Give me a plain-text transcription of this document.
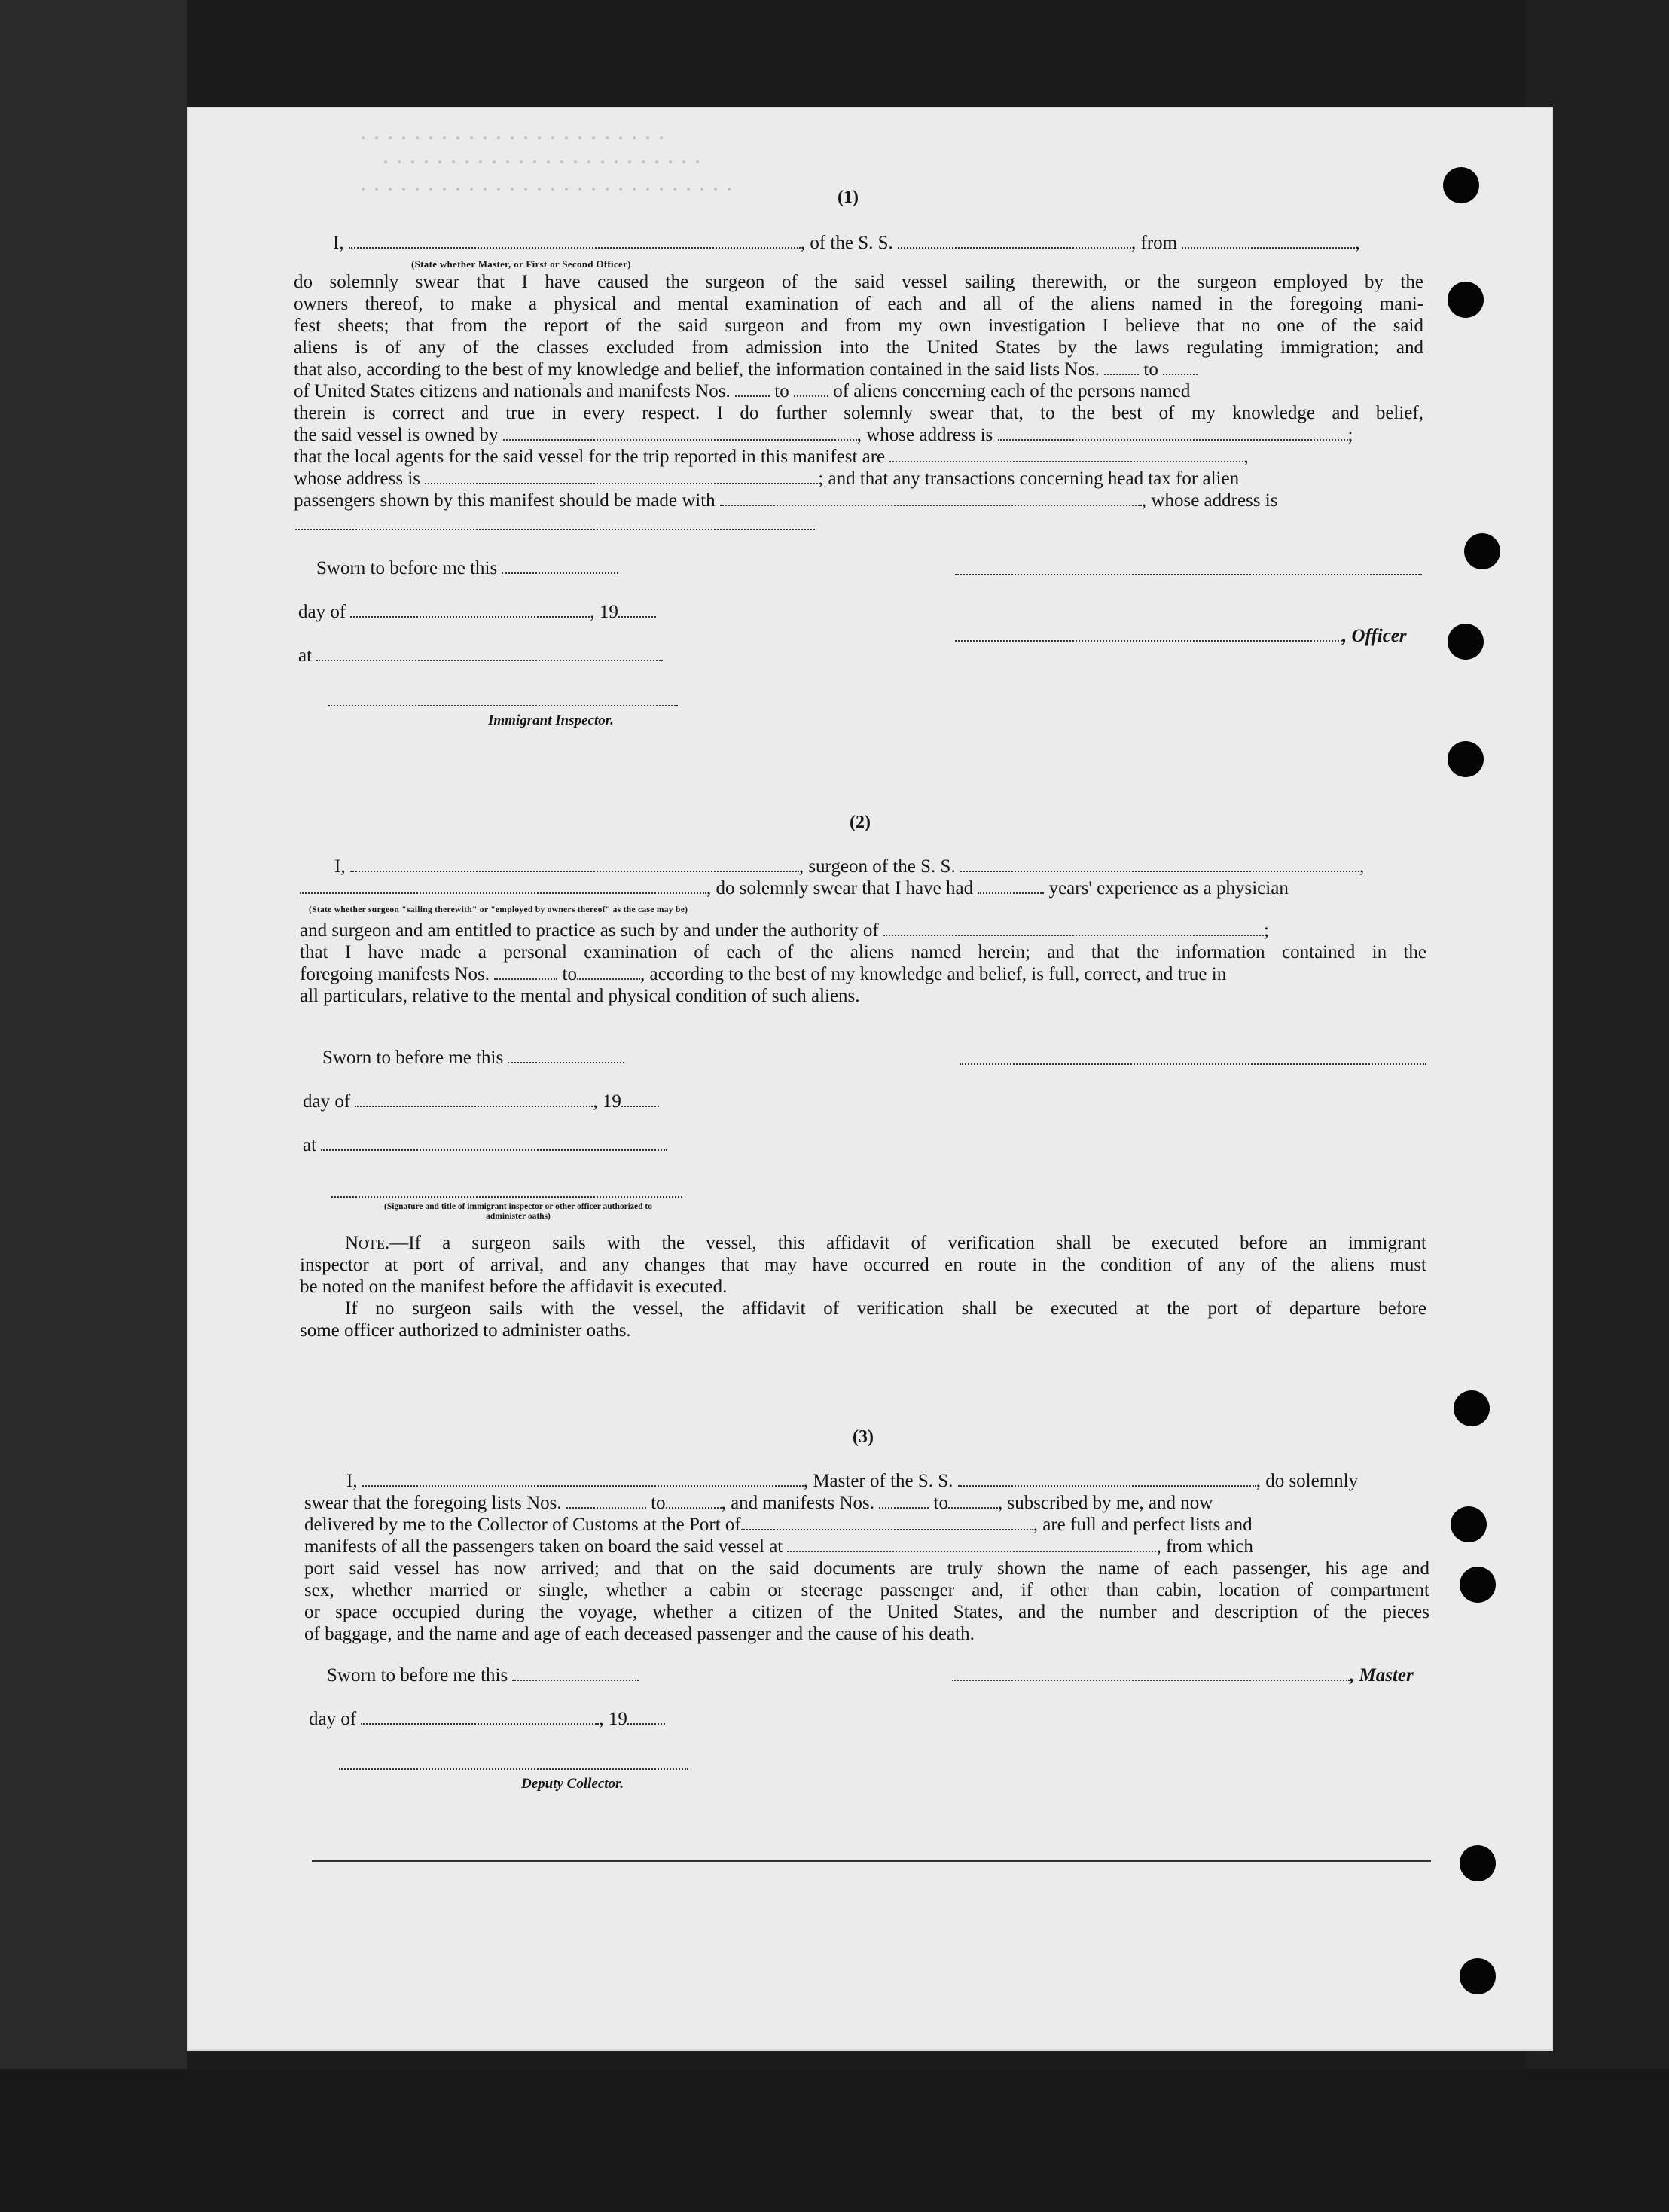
· · · · · · · · · · · · · · · · · · · · · · ·
· · · · · · · · · · · · · · · · · · · · · · · ·
· · · · · · · · · · · · · · · · · · · · · · · · · · · ·	(1)
I,	, of the S. S.	, from	,
(State whether Master, or First or Second Officer)
do solemnly swear that I have caused the surgeon of the said vessel sailing therewith, or the surgeon employed by the
owners thereof, to make a physical and mental examination of each and all of the aliens named in the foregoing mani-
fest sheets; that from the report of the said surgeon and from my own investigation I believe that no one of the said
aliens is of any of the classes excluded from admission into the United States by the laws regulating immigration; and
that also, according to the best of my knowledge and belief, the information contained in the said lists Nos. to
of United States citizens and nationals and manifests Nos. to of aliens concerning each of the persons named
therein is correct and true in every respect. I do further solemnly swear that, to the best of my knowledge and belief,
the said vessel is owned by	, whose address is	;
that the local agents for the said vessel for the trip reported in this manifest are	,
whose address is	; and that any transactions concerning head tax for alien
passengers shown by this manifest should be made with	, whose address is
Sworn to before me this
day of	, 19
, Officer
at
Immigrant Inspector.
(2)
I,	, surgeon of the S. S.	,
, do solemnly swear that I have had	years' experience as a physician
(State whether surgeon "sailing therewith" or "employed by owners thereof" as the case may be)
and surgeon and am entitled to practice as such by and under the authority of	;
that I have made a personal examination of each of the aliens named herein; and that the information contained in the
foregoing manifests Nos.	to	, according to the best of my knowledge and belief, is full, correct, and true in
all particulars, relative to the mental and physical condition of such aliens.
Sworn to before me this
day of	, 19
at
(Signature and title of immigrant inspector or other officer authorized to administer oaths)
Note.—If a surgeon sails with the vessel, this affidavit of verification shall be executed before an immigrant
inspector at port of arrival, and any changes that may have occurred en route in the condition of any of the aliens must
be noted on the manifest before the affidavit is executed.
If no surgeon sails with the vessel, the affidavit of verification shall be executed at the port of departure before
some officer authorized to administer oaths.
(3)
I,	, Master of the S. S.	, do solemnly
swear that the foregoing lists Nos.	to	, and manifests Nos.	to	, subscribed by me, and now
delivered by me to the Collector of Customs at the Port of	, are full and perfect lists and
manifests of all the passengers taken on board the said vessel at	, from which
port said vessel has now arrived; and that on the said documents are truly shown the name of each passenger, his age and
sex, whether married or single, whether a cabin or steerage passenger and, if other than cabin, location of compartment
or space occupied during the voyage, whether a citizen of the United States, and the number and description of the pieces
of baggage, and the name and age of each deceased passenger and the cause of his death.
Sworn to before me this	, Master
day of	, 19
Deputy Collector.
